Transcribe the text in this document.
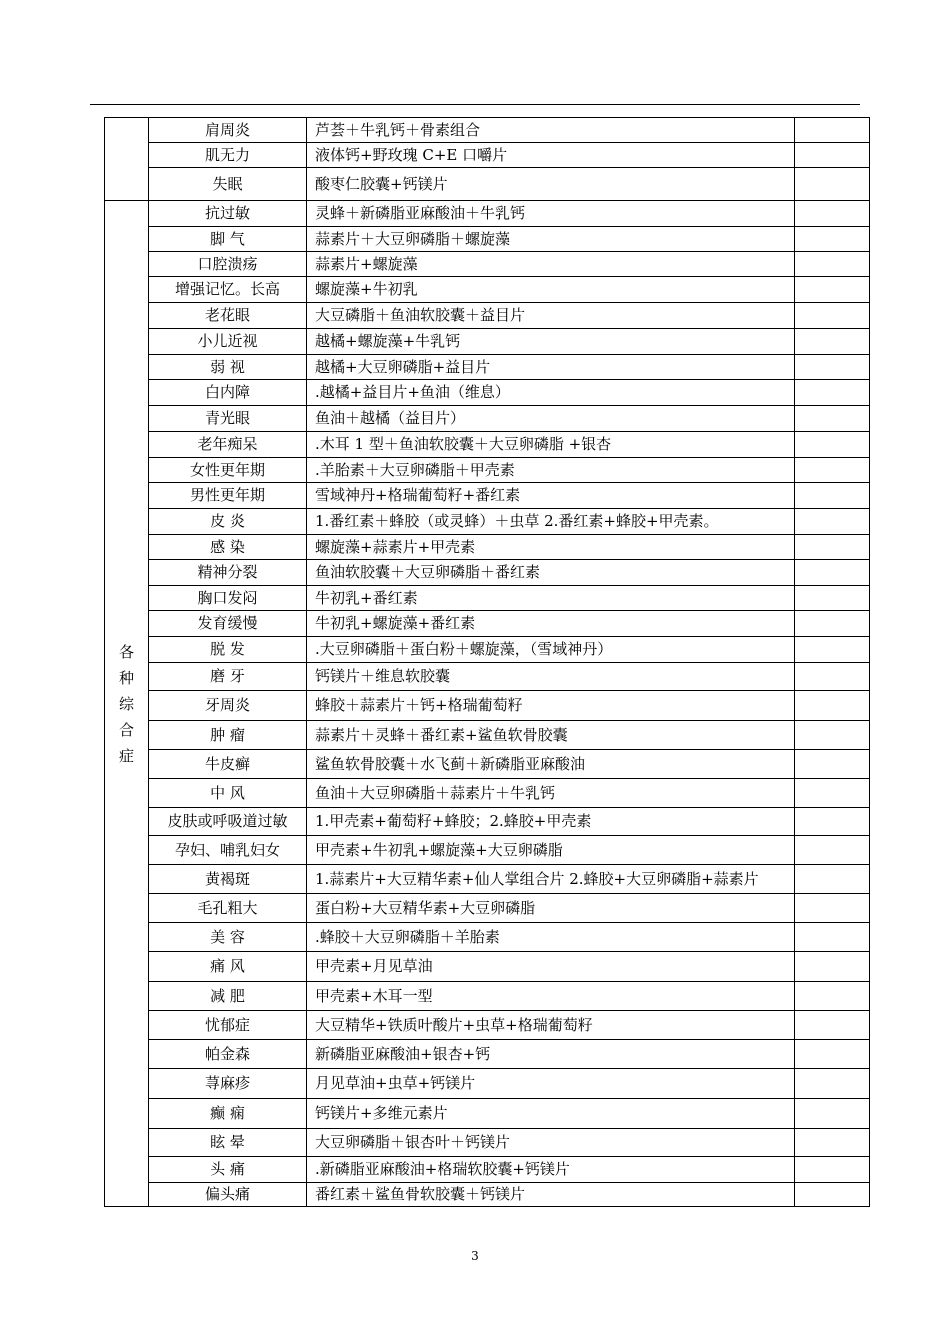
	肩周炎	芦荟＋牛乳钙＋骨素组合	
	肌无力	液体钙+野玫瑰 C+E 口嚼片	
	失眠	酸枣仁胶囊+钙镁片	
各种综合症	抗过敏	灵蜂＋新磷脂亚麻酸油＋牛乳钙	
	脚 气	蒜素片＋大豆卵磷脂＋螺旋藻	
	口腔溃疡	蒜素片+螺旋藻	
	增强记忆。长高	螺旋藻+牛初乳	
	老花眼	大豆磷脂＋鱼油软胶囊＋益目片	
	小儿近视	越橘+螺旋藻+牛乳钙	
	弱 视	越橘+大豆卵磷脂+益目片	
	白内障	.越橘+益目片+鱼油（维息）	
	青光眼	鱼油＋越橘（益目片）	
	老年痴呆	.木耳 1 型＋鱼油软胶囊＋大豆卵磷脂 +银杏	
	女性更年期	.羊胎素＋大豆卵磷脂＋甲壳素	
	男性更年期	雪域神丹+格瑞葡萄籽+番红素	
	皮 炎	1.番红素＋蜂胶（或灵蜂）＋虫草 2.番红素+蜂胶+甲壳素。	
	感 染	螺旋藻+蒜素片+甲壳素	
	精神分裂	鱼油软胶囊＋大豆卵磷脂＋番红素	
	胸口发闷	牛初乳+番红素	
	发育缓慢	牛初乳+螺旋藻+番红素	
	脱 发	.大豆卵磷脂＋蛋白粉＋螺旋藻，（雪域神丹）	
	磨 牙	钙镁片＋维息软胶囊	
	牙周炎	蜂胶＋蒜素片＋钙+格瑞葡萄籽	
	肿 瘤	蒜素片＋灵蜂＋番红素+鲨鱼软骨胶囊	
	牛皮癣	鲨鱼软骨胶囊＋水飞蓟＋新磷脂亚麻酸油	
	中 风	鱼油＋大豆卵磷脂＋蒜素片＋牛乳钙	
	皮肤或呼吸道过敏	1.甲壳素+葡萄籽+蜂胶；2.蜂胶+甲壳素	
	孕妇、哺乳妇女	甲壳素+牛初乳+螺旋藻+大豆卵磷脂	
	黄褐斑	1.蒜素片+大豆精华素+仙人掌组合片 2.蜂胶+大豆卵磷脂+蒜素片	
	毛孔粗大	蛋白粉+大豆精华素+大豆卵磷脂	
	美 容	.蜂胶＋大豆卵磷脂＋羊胎素	
	痛 风	甲壳素+月见草油	
	减 肥	甲壳素+木耳一型	
	忧郁症	大豆精华+铁质叶酸片+虫草+格瑞葡萄籽	
	帕金森	新磷脂亚麻酸油+银杏+钙	
	荨麻疹	月见草油+虫草+钙镁片	
	癫 痫	钙镁片+多维元素片	
	眩 晕	大豆卵磷脂＋银杏叶＋钙镁片	
	头 痛	.新磷脂亚麻酸油+格瑞软胶囊+钙镁片	
	偏头痛	番红素＋鲨鱼骨软胶囊＋钙镁片	
3
